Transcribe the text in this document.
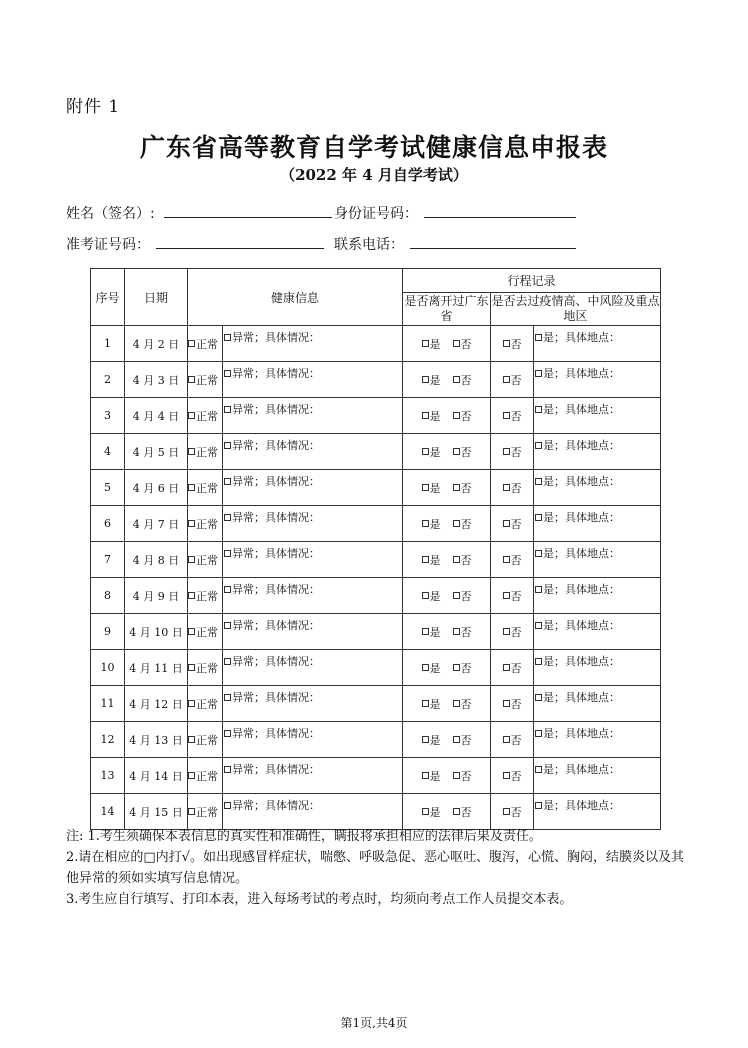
附件 1
广东省高等教育自学考试健康信息申报表
（2022 年 4 月自学考试）
姓名（签名）:	身份证号码：
准考证号码：	联系电话：
序号	日期	健康信息		行程记录		
				是否离开过广东省	是否去过疫情高、中风险及重点地区	
1	4 月 2 日	正常	异常；具体情况：	是 否	否	是；具体地点：

2	4 月 3 日	正常	异常；具体情况：	是 否	否	是；具体地点：

3	4 月 4 日	正常	异常；具体情况：	是 否	否	是；具体地点：

4	4 月 5 日	正常	异常；具体情况：	是 否	否	是；具体地点：

5	4 月 6 日	正常	异常；具体情况：	是 否	否	是；具体地点：

6	4 月 7 日	正常	异常；具体情况：	是 否	否	是；具体地点：

7	4 月 8 日	正常	异常；具体情况：	是 否	否	是；具体地点：

8	4 月 9 日	正常	异常；具体情况：	是 否	否	是；具体地点：

9	4 月 10 日	正常	异常；具体情况：	是 否	否	是；具体地点：

10	4 月 11 日	正常	异常；具体情况：	是 否	否	是；具体地点：

11	4 月 12 日	正常	异常；具体情况：	是 否	否	是；具体地点：

12	4 月 13 日	正常	异常；具体情况：	是 否	否	是；具体地点：

13	4 月 14 日	正常	异常；具体情况：	是 否	否	是；具体地点：

14	4 月 15 日	正常	异常；具体情况：	是 否	否	是；具体地点：

注: 1.考生须确保本表信息的真实性和准确性，瞒报将承担相应的法律后果及责任。

2.请在相应的□内打√。如出现感冒样症状，喘憋、呼吸急促、恶心呕吐、腹泻，心慌、胸闷，结膜炎以及其他异常的须如实填写信息情况。

3.考生应自行填写、打印本表，进入每场考试的考点时，均须向考点工作人员提交本表。

第1页,共4页
